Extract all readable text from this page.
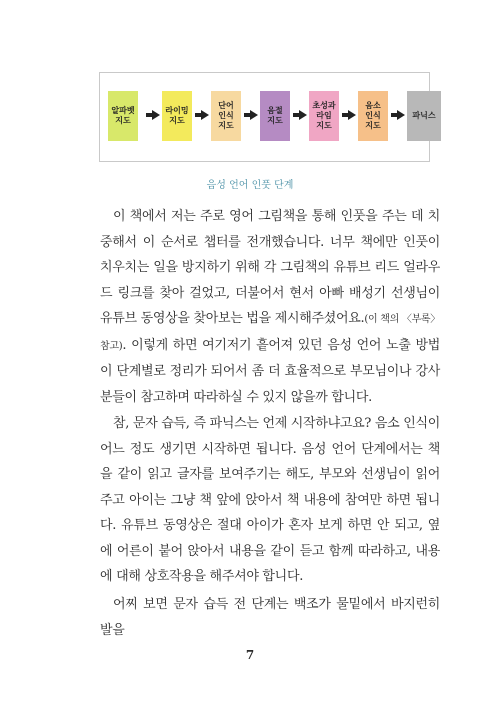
알파벳
지도
라이밍
지도
단어
인식
지도
음절
지도
초성과
라임
지도
음소
인식
지도
파닉스
음성 언어 인풋 단계

이 책에서 저는 주로 영어 그림책을 통해 인풋을 주는 데 치중해서 이 순서로 챕터를 전개했습니다. 너무 책에만 인풋이 치우치는 일을 방지하기 위해 각 그림책의 유튜브 리드 얼라우드 링크를 찾아 걸었고, 더불어서 현서 아빠 배성기 선생님이 유튜브 동영상을 찾아보는 법을 제시해주셨어요.(이 책의 〈부록〉 참고). 이렇게 하면 여기저기 흩어져 있던 음성 언어 노출 방법이 단계별로 정리가 되어서 좀 더 효율적으로 부모님이나 강사 분들이 참고하며 따라하실 수 있지 않을까 합니다.

참, 문자 습득, 즉 파닉스는 언제 시작하냐고요? 음소 인식이 어느 정도 생기면 시작하면 됩니다. 음성 언어 단계에서는 책을 같이 읽고 글자를 보여주기는 해도, 부모와 선생님이 읽어주고 아이는 그냥 책 앞에 앉아서 책 내용에 참여만 하면 됩니다. 유튜브 동영상은 절대 아이가 혼자 보게 하면 안 되고, 옆에 어른이 붙어 앉아서 내용을 같이 듣고 함께 따라하고, 내용에 대해 상호작용을 해주셔야 합니다.

어찌 보면 문자 습득 전 단계는 백조가 물밑에서 바지런히 발을

7
